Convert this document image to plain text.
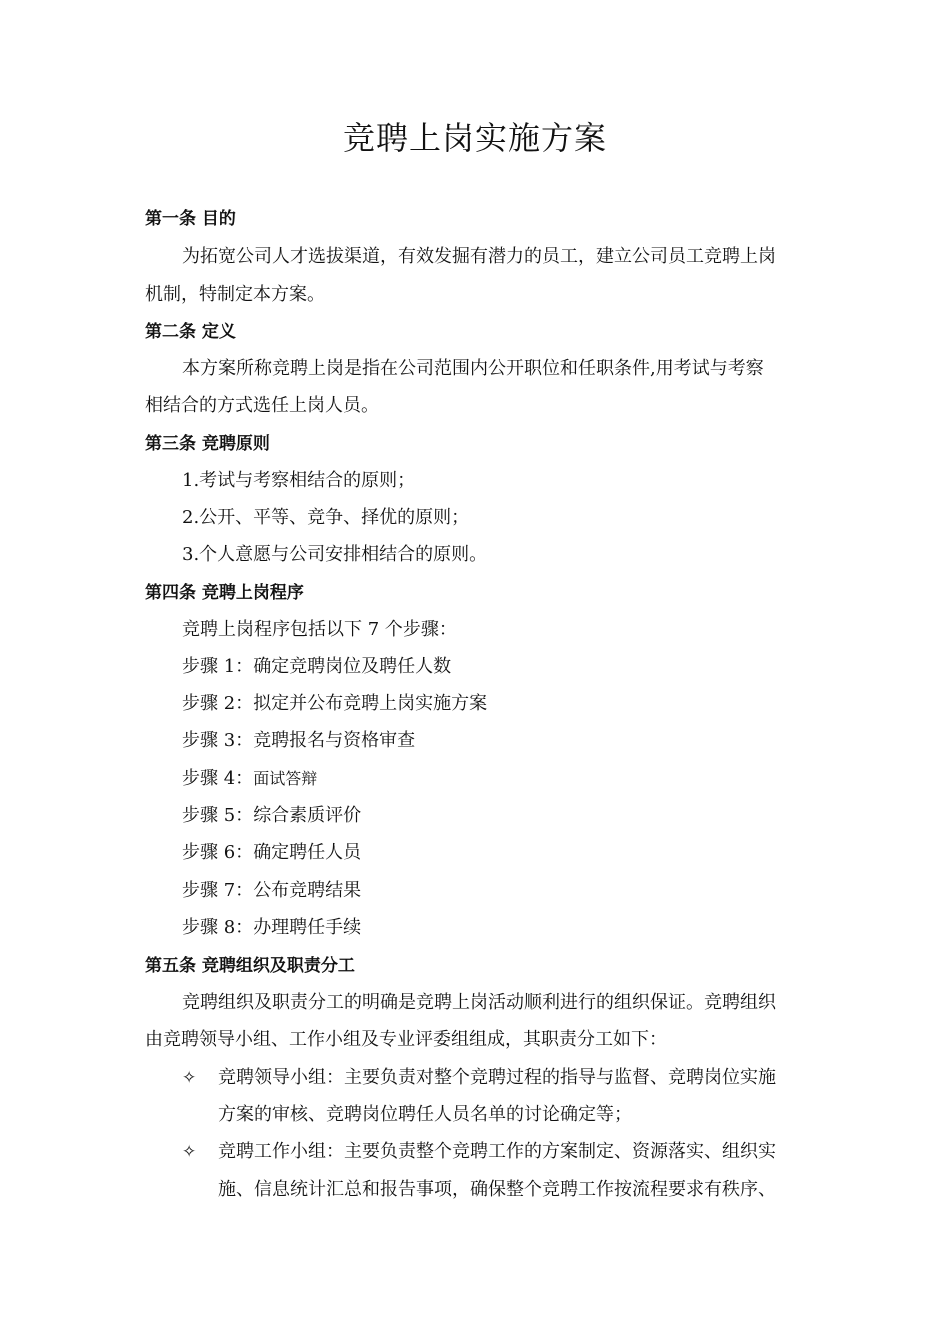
竞聘上岗实施方案
第一条 目的
为拓宽公司人才选拔渠道，有效发掘有潜力的员工，建立公司员工竞聘上岗
机制，特制定本方案。
第二条 定义
本方案所称竞聘上岗是指在公司范围内公开职位和任职条件,用考试与考察
相结合的方式选任上岗人员。
第三条 竞聘原则
1.考试与考察相结合的原则；
2.公开、平等、竞争、择优的原则；
3.个人意愿与公司安排相结合的原则。
第四条 竞聘上岗程序
竞聘上岗程序包括以下 7 个步骤：
步骤 1：确定竞聘岗位及聘任人数
步骤 2：拟定并公布竞聘上岗实施方案
步骤 3：竞聘报名与资格审查
步骤 4：面试答辩
步骤 5：综合素质评价
步骤 6：确定聘任人员
步骤 7：公布竞聘结果
步骤 8：办理聘任手续
第五条 竞聘组织及职责分工
竞聘组织及职责分工的明确是竞聘上岗活动顺利进行的组织保证。竞聘组织
由竞聘领导小组、工作小组及专业评委组组成，其职责分工如下：
✧ 竞聘领导小组：主要负责对整个竞聘过程的指导与监督、竞聘岗位实施
方案的审核、竞聘岗位聘任人员名单的讨论确定等；
✧ 竞聘工作小组：主要负责整个竞聘工作的方案制定、资源落实、组织实
施、信息统计汇总和报告事项，确保整个竞聘工作按流程要求有秩序、
